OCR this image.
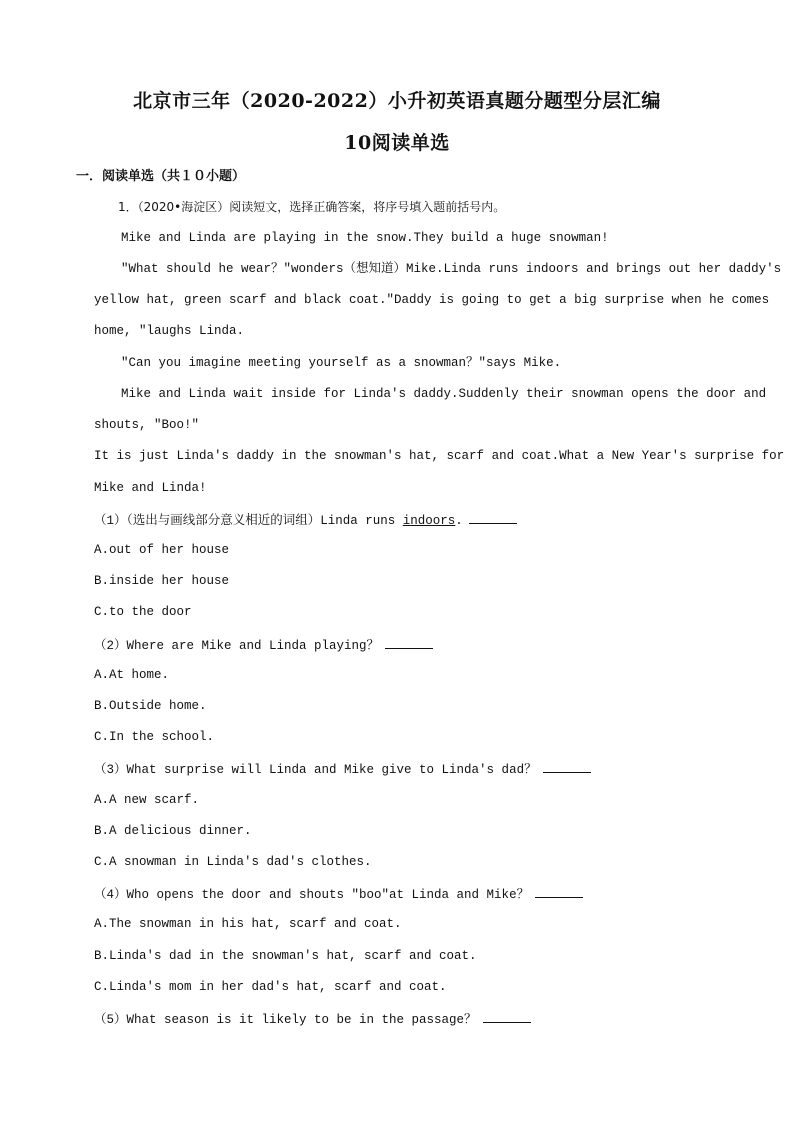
北京市三年（2020-2022）小升初英语真题分题型分层汇编
10阅读单选
一．阅读单选（共１０小题）
1．（2020•海淀区）阅读短文，选择正确答案，将序号填入题前括号内。
Mike and Linda are playing in the snow.They build a huge snowman!
"What should he wear？"wonders（想知道）Mike.Linda runs indoors and brings out her daddy's
yellow hat, green scarf and black coat."Daddy is going to get a big surprise when he comes
home, "laughs Linda.
"Can you imagine meeting yourself as a snowman？"says Mike.
Mike and Linda wait inside for Linda's daddy.Suddenly their snowman opens the door and
shouts, "Boo!"
It is just Linda's daddy in the snowman's hat, scarf and coat.What a New Year's surprise for
Mike and Linda!
（1）（选出与画线部分意义相近的词组）Linda runs indoors.
A.out of her house
B.inside her house
C.to the door
（2）Where are Mike and Linda playing？
A.At home.
B.Outside home.
C.In the school.
（3）What surprise will Linda and Mike give to Linda's dad？
A.A new scarf.
B.A delicious dinner.
C.A snowman in Linda's dad's clothes.
（4）Who opens the door and shouts "boo"at Linda and Mike？
A.The snowman in his hat, scarf and coat.
B.Linda's dad in the snowman's hat, scarf and coat.
C.Linda's mom in her dad's hat, scarf and coat.
（5）What season is it likely to be in the passage？
